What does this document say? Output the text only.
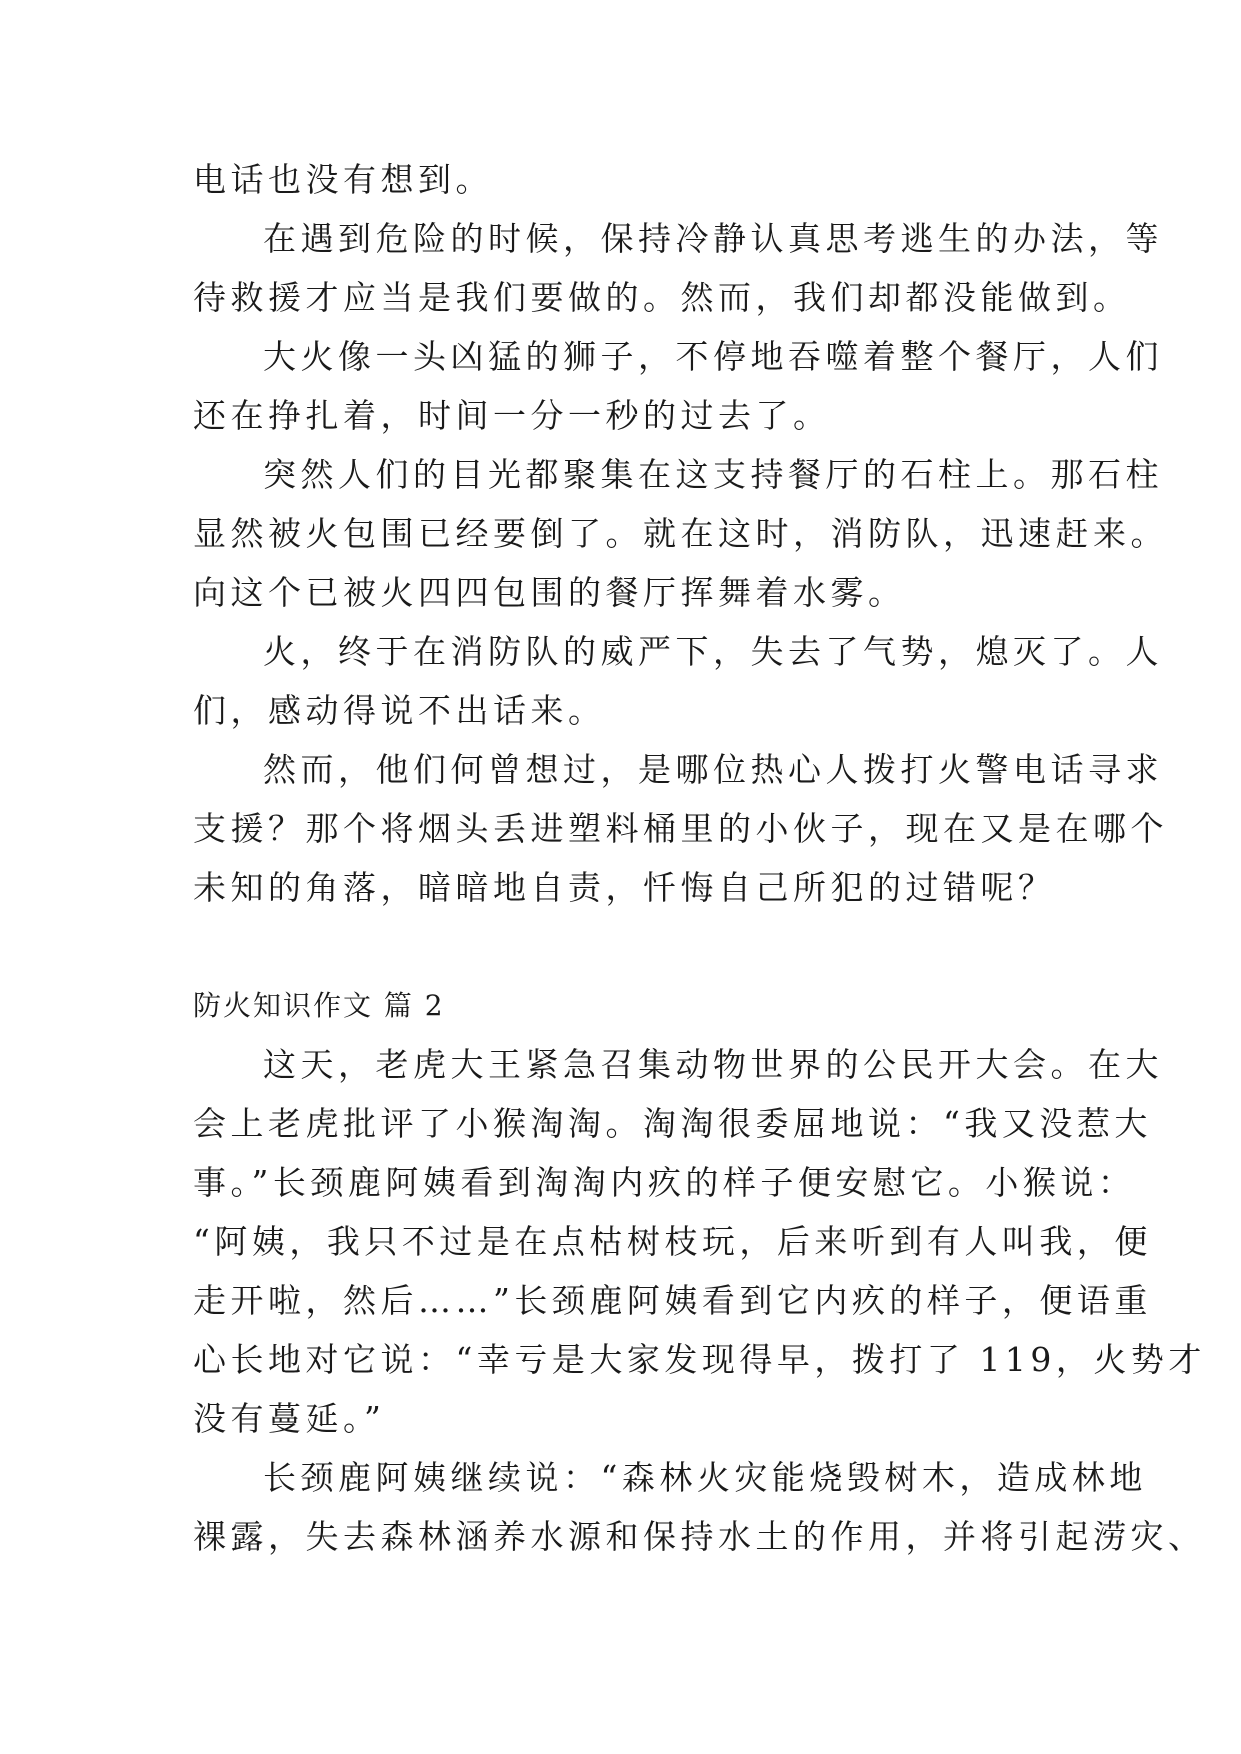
电话也没有想到。
在遇到危险的时候，保持冷静认真思考逃生的办法，等
待救援才应当是我们要做的。然而，我们却都没能做到。
大火像一头凶猛的狮子，不停地吞噬着整个餐厅，人们
还在挣扎着，时间一分一秒的过去了。
突然人们的目光都聚集在这支持餐厅的石柱上。那石柱
显然被火包围已经要倒了。就在这时，消防队，迅速赶来。
向这个已被火四四包围的餐厅挥舞着水雾。
火，终于在消防队的威严下，失去了气势，熄灭了。人
们，感动得说不出话来。
然而，他们何曾想过，是哪位热心人拨打火警电话寻求
支援？那个将烟头丢进塑料桶里的小伙子，现在又是在哪个
未知的角落，暗暗地自责，忏悔自己所犯的过错呢？
防火知识作文 篇 2
这天，老虎大王紧急召集动物世界的公民开大会。在大
会上老虎批评了小猴淘淘。淘淘很委屈地说：“我又没惹大
事。”长颈鹿阿姨看到淘淘内疚的样子便安慰它。小猴说：
“阿姨，我只不过是在点枯树枝玩，后来听到有人叫我，便
走开啦，然后……”长颈鹿阿姨看到它内疚的样子，便语重
心长地对它说：“幸亏是大家发现得早，拨打了 119，火势才
没有蔓延。”
长颈鹿阿姨继续说：“森林火灾能烧毁树木，造成林地
裸露，失去森林涵养水源和保持水土的作用，并将引起涝灾、
